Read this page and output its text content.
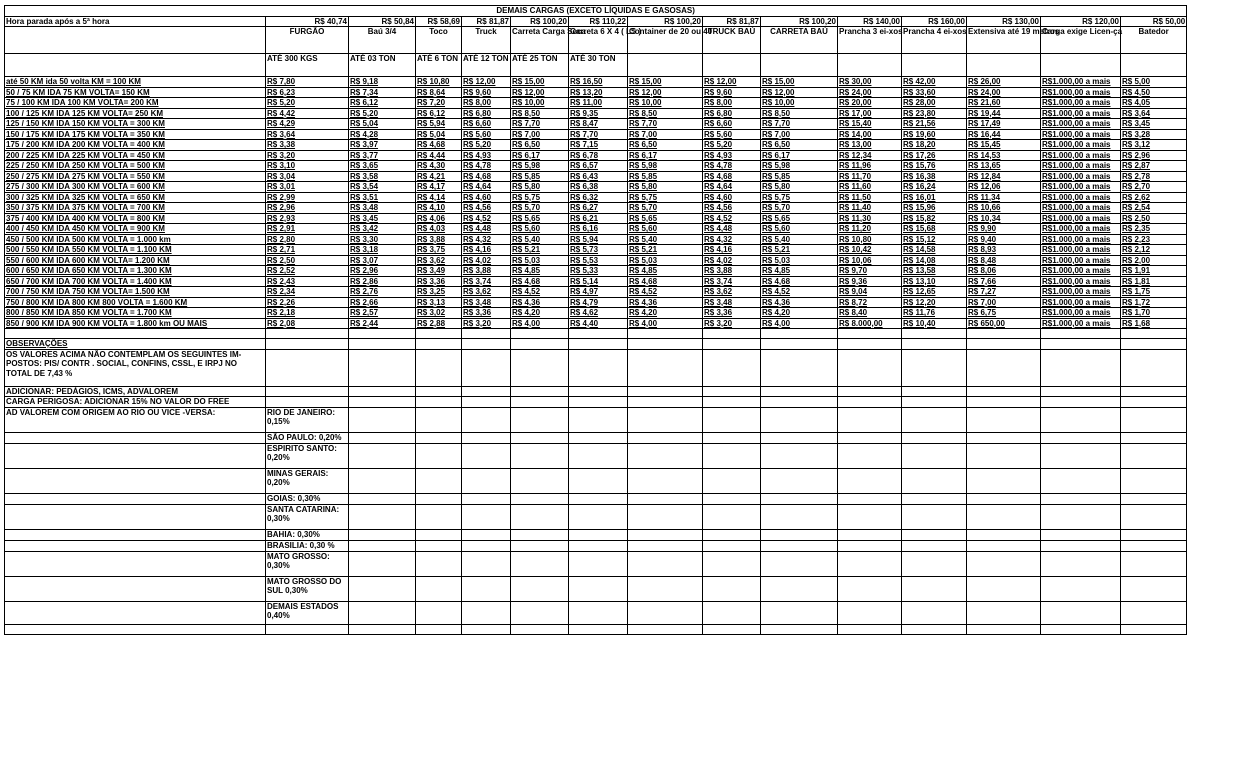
DEMAIS CARGAS (EXCETO LÍQUIDAS E GASOSAS)														
Hora parada após a 5ª hora	R$ 40,74	R$ 50,84	R$ 58,69	R$ 81,87	R$ 100,20	R$ 110,22	R$ 100,20	R$ 81,87	R$ 100,20	R$ 140,00	R$ 160,00	R$ 130,00	R$ 120,00	R$ 50,00
	FURGÃO	Baú 3/4	Toco	Truck	Carreta Carga Seca	Carreta 6 X 4 ( LS )	Container de 20 ou 40	TRUCK BAÚ	CARRETA BAÚ	Prancha 3 ei-xos	Prancha 4 ei-xos	Extensiva até 19 metros	Carga exige Licen-ça	Batedor
	ATÉ 300 KGS	ATÉ 03 TON	ATÉ 6 TON	ATÉ 12 TON	ATÉ 25 TON	ATÉ 30 TON								
até 50 KM ida 50 volta KM = 100 KM	R$ 7,80	R$ 9,18	R$ 10,80	R$ 12,00	R$ 15,00	R$ 16,50	R$ 15,00	R$ 12,00	R$ 15,00	R$ 30,00	R$ 42,00	R$ 26,00	R$1.000,00 a mais	R$ 5,00
50 / 75 KM IDA 75 KM VOLTA= 150 KM	R$ 6,23	R$ 7,34	R$ 8,64	R$ 9,60	R$ 12,00	R$ 13,20	R$ 12,00	R$ 9,60	R$ 12,00	R$ 24,00	R$ 33,60	R$ 24,00	R$1.000,00 a mais	R$ 4,50
75 / 100 KM IDA 100 KM VOLTA= 200 KM	R$ 5,20	R$ 6,12	R$ 7,20	R$ 8,00	R$ 10,00	R$ 11,00	R$ 10,00	R$ 8,00	R$ 10,00	R$ 20,00	R$ 28,00	R$ 21,60	R$1.000,00 a mais	R$ 4,05
100 / 125 KM IDA 125 KM VOLTA= 250 KM	R$ 4,42	R$ 5,20	R$ 6,12	R$ 6,80	R$ 8,50	R$ 9,35	R$ 8,50	R$ 6,80	R$ 8,50	R$ 17,00	R$ 23,80	R$ 19,44	R$1.000,00 a mais	R$ 3,64
125 / 150 KM IDA 150 KM VOLTA = 300 KM	R$ 4,29	R$ 5,04	R$ 5,94	R$ 6,60	R$ 7,70	R$ 8,47	R$ 7,70	R$ 6,60	R$ 7,70	R$ 15,40	R$ 21,56	R$ 17,49	R$1.000,00 a mais	R$ 3,45
150 / 175 KM IDA 175 KM VOLTA = 350 KM	R$ 3,64	R$ 4,28	R$ 5,04	R$ 5,60	R$ 7,00	R$ 7,70	R$ 7,00	R$ 5,60	R$ 7,00	R$ 14,00	R$ 19,60	R$ 16,44	R$1.000,00 a mais	R$ 3,28
175 / 200 KM IDA 200 KM VOLTA = 400 KM	R$ 3,38	R$ 3,97	R$ 4,68	R$ 5,20	R$ 6,50	R$ 7,15	R$ 6,50	R$ 5,20	R$ 6,50	R$ 13,00	R$ 18,20	R$ 15,45	R$1.000,00 a mais	R$ 3,12
200 / 225 KM IDA 225 KM VOLTA = 450 KM	R$ 3,20	R$ 3,77	R$ 4,44	R$ 4,93	R$ 6,17	R$ 6,78	R$ 6,17	R$ 4,93	R$ 6,17	R$ 12,34	R$ 17,26	R$ 14,53	R$1.000,00 a mais	R$ 2,96
225 / 250 KM IDA 250 KM VOLTA = 500 KM	R$ 3,10	R$ 3,65	R$ 4,30	R$ 4,78	R$ 5,98	R$ 6,57	R$ 5,98	R$ 4,78	R$ 5,98	R$ 11,96	R$ 15,76	R$ 13,65	R$1.000,00 a mais	R$ 2,87
250 / 275 KM IDA 275 KM VOLTA = 550 KM	R$ 3,04	R$ 3,58	R$ 4,21	R$ 4,68	R$ 5,85	R$ 6,43	R$ 5,85	R$ 4,68	R$ 5,85	R$ 11,70	R$ 16,38	R$ 12,84	R$1.000,00 a mais	R$ 2,78
275 / 300 KM IDA 300 KM VOLTA = 600 KM	R$ 3,01	R$ 3,54	R$ 4,17	R$ 4,64	R$ 5,80	R$ 6,38	R$ 5,80	R$ 4,64	R$ 5,80	R$ 11,60	R$ 16,24	R$ 12,06	R$1.000,00 a mais	R$ 2,70
300 / 325 KM IDA 325 KM VOLTA = 650 KM	R$ 2,99	R$ 3,51	R$ 4,14	R$ 4,60	R$ 5,75	R$ 6,32	R$ 5,75	R$ 4,60	R$ 5,75	R$ 11,50	R$ 16,01	R$ 11,34	R$1.000,00 a mais	R$ 2,62
350 / 375 KM IDA 375 KM VOLTA = 700 KM	R$ 2,96	R$ 3,48	R$ 4,10	R$ 4,56	R$ 5,70	R$ 6,27	R$ 5,70	R$ 4,56	R$ 5,70	R$ 11,40	R$ 15,96	R$ 10,66	R$1.000,00 a mais	R$ 2,54
375 / 400 KM IDA 400 KM VOLTA = 800 KM	R$ 2,93	R$ 3,45	R$ 4,06	R$ 4,52	R$ 5,65	R$ 6,21	R$ 5,65	R$ 4,52	R$ 5,65	R$ 11,30	R$ 15,82	R$ 10,34	R$1.000,00 a mais	R$ 2,50
400 / 450 KM IDA 450 KM VOLTA = 900 KM	R$ 2,91	R$ 3,42	R$ 4,03	R$ 4,48	R$ 5,60	R$ 6,16	R$ 5,60	R$ 4,48	R$ 5,60	R$ 11,20	R$ 15,68	R$ 9,90	R$1.000,00 a mais	R$ 2,35
450 / 500 KM IDA 500 KM VOLTA = 1.000 km	R$ 2,80	R$ 3,30	R$ 3,88	R$ 4,32	R$ 5,40	R$ 5,94	R$ 5,40	R$ 4,32	R$ 5,40	R$ 10,80	R$ 15,12	R$ 9,40	R$1.000,00 a mais	R$ 2,23
500 / 550 KM IDA 550 KM VOLTA = 1.100 KM	R$ 2,71	R$ 3,18	R$ 3,75	R$ 4,16	R$ 5,21	R$ 5,73	R$ 5,21	R$ 4,16	R$ 5,21	R$ 10,42	R$ 14,58	R$ 8,93	R$1.000,00 a mais	R$ 2,12
550 / 600 KM IDA 600 KM VOLTA= 1.200 KM	R$ 2,50	R$ 3,07	R$ 3,62	R$ 4,02	R$ 5,03	R$ 5,53	R$ 5,03	R$ 4,02	R$ 5,03	R$ 10,06	R$ 14,08	R$ 8,48	R$1.000,00 a mais	R$ 2,00
600 / 650 KM IDA 650 KM VOLTA = 1.300 KM	R$ 2,52	R$ 2,96	R$ 3,49	R$ 3,88	R$ 4,85	R$ 5,33	R$ 4,85	R$ 3,88	R$ 4,85	R$ 9,70	R$ 13,58	R$ 8,06	R$1.000,00 a mais	R$ 1,91
650 / 700 KM IDA 700 KM VOLTA = 1.400 KM	R$ 2,43	R$ 2,86	R$ 3,36	R$ 3,74	R$ 4,68	R$ 5,14	R$ 4,68	R$ 3,74	R$ 4,68	R$ 9,36	R$ 13,10	R$ 7,66	R$1.000,00 a mais	R$ 1,81
700 / 750 KM IDA 750 KM VOLTA= 1.500 KM	R$ 2,34	R$ 2,76	R$ 3,25	R$ 3,62	R$ 4,52	R$ 4,97	R$ 4,52	R$ 3,62	R$ 4,52	R$ 9,04	R$ 12,65	R$ 7,27	R$1.000,00 a mais	R$ 1,75
750 / 800 KM IDA 800 KM 800 VOLTA = 1.600 KM	R$ 2,26	R$ 2,66	R$ 3,13	R$ 3,48	R$ 4,36	R$ 4,79	R$ 4,36	R$ 3,48	R$ 4,36	R$ 8,72	R$ 12,20	R$ 7,00	R$1.000,00 a mais	R$ 1,72
800 / 850 KM IDA 850 KM VOLTA = 1.700 KM	R$ 2,18	R$ 2,57	R$ 3,02	R$ 3,36	R$ 4,20	R$ 4,62	R$ 4,20	R$ 3,36	R$ 4,20	R$ 8,40	R$ 11,76	R$ 6,75	R$1.000,00 a mais	R$ 1,70
850 / 900 KM IDA 900 KM VOLTA = 1.800 km OU MAIS	R$ 2,08	R$ 2,44	R$ 2,88	R$ 3,20	R$ 4,00	R$ 4,40	R$ 4,00	R$ 3,20	R$ 4,00	R$ 8.000,00	R$ 10,40	R$ 650,00	R$1.000,00 a mais	R$ 1,68

OBSERVAÇÕES														
OS VALORES ACIMA NÃO CONTEMPLAM OS SEGUINTES IM-POSTOS: PIS/ CONTR . SOCIAL, CONFINS, CSSL, E IRPJ NO TOTAL DE 7,43 %														
ADICIONAR: PEDÁGIOS, ICMS, ADVALOREM														
CARGA PERIGOSA: ADICIONAR 15% NO VALOR DO FREE														
AD VALOREM COM ORIGEM AO RIO OU VICE -VERSA:	RIO DE JANEIRO: 0,15%													
	SÃO PAULO: 0,20%													
	ESPIRITO SANTO: 0,20%													
	MINAS GERAIS: 0,20%													
	GOIAS: 0,30%													
	SANTA CATARINA: 0,30%													
	BAHIA: 0,30%													
	BRASILIA: 0,30 %													
	MATO GROSSO: 0,30%													
	MATO GROSSO DO SUL 0,30%													
	DEMAIS ESTADOS 0,40%													
